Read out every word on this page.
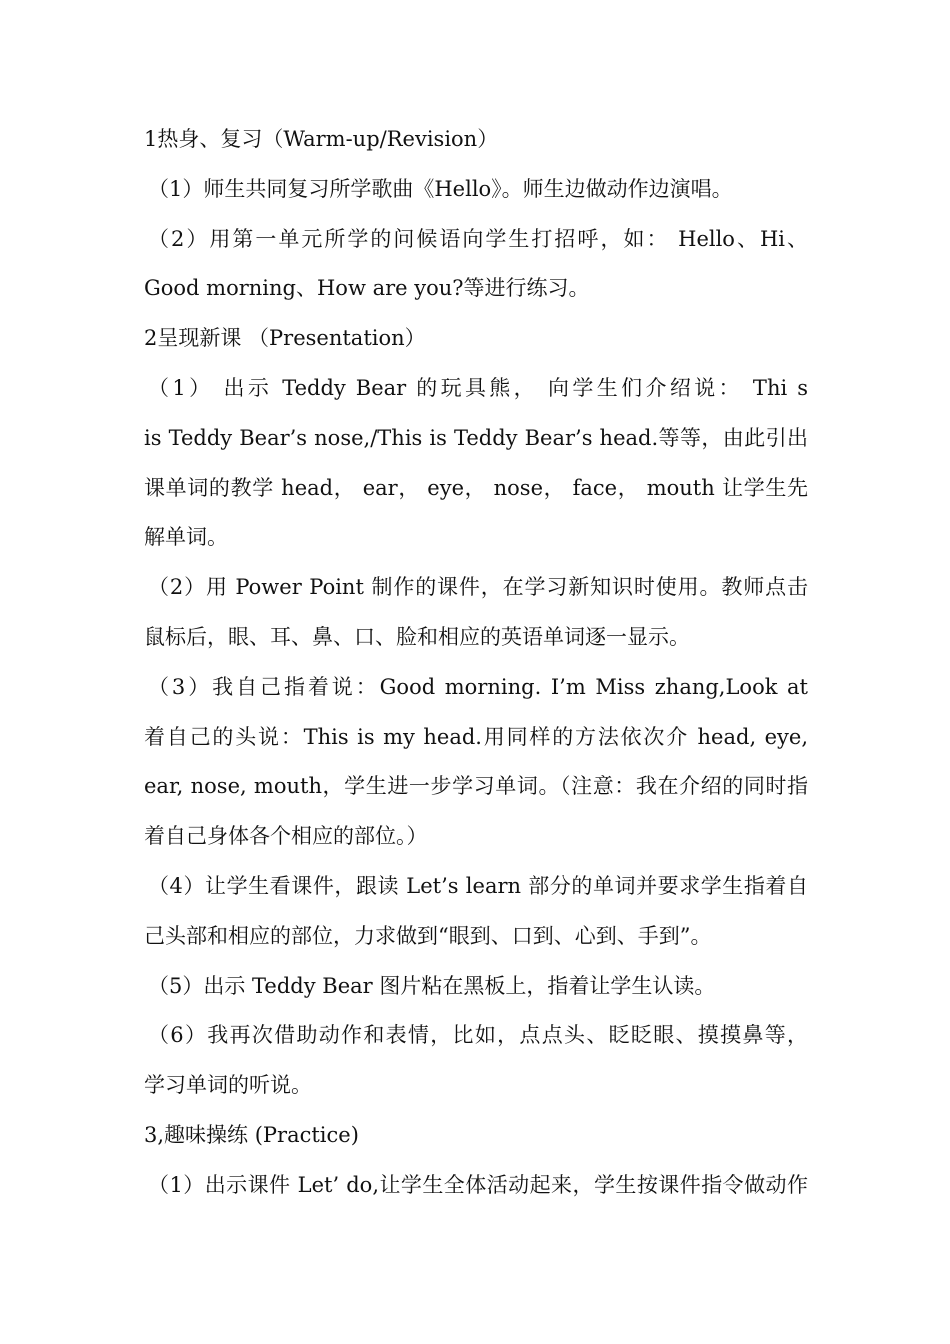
1热身、复习（Warm-up/Revision）
（1）师生共同复习所学歌曲《Hello》。师生边做动作边演唱。
（2）用第一单元所学的问候语向学生打招呼，如： Hello、Hi、
Good morning、How are you?等进行练习。
2呈现新课 （Presentation）
（1） 出示 Teddy Bear 的玩具熊， 向学生们介绍说： Thi s
is Teddy Bear’s nose,/This is Teddy Bear’s head.等等，由此引出
课单词的教学 head， ear， eye， nose， face， mouth 让学生先
解单词。
（2）用 Power Point 制作的课件，在学习新知识时使用。教师点击
鼠标后，眼、耳、鼻、口、脸和相应的英语单词逐一显示。
（3）我自己指着说：Good morning. I’m Miss zhang,Look at
着自己的头说：This is my head.用同样的方法依次介 head, eye,
ear, nose, mouth，学生进一步学习单词。（注意：我在介绍的同时指
着自己身体各个相应的部位。）
（4）让学生看课件，跟读 Let’s learn 部分的单词并要求学生指着自
己头部和相应的部位，力求做到“眼到、口到、心到、手到”。
（5）出示 Teddy Bear 图片粘在黑板上，指着让学生认读。
（6）我再次借助动作和表情，比如，点点头、眨眨眼、摸摸鼻等，
学习单词的听说。
3,趣味操练 (Practice)
（1）出示课件 Let’ do,让学生全体活动起来，学生按课件指令做动作
